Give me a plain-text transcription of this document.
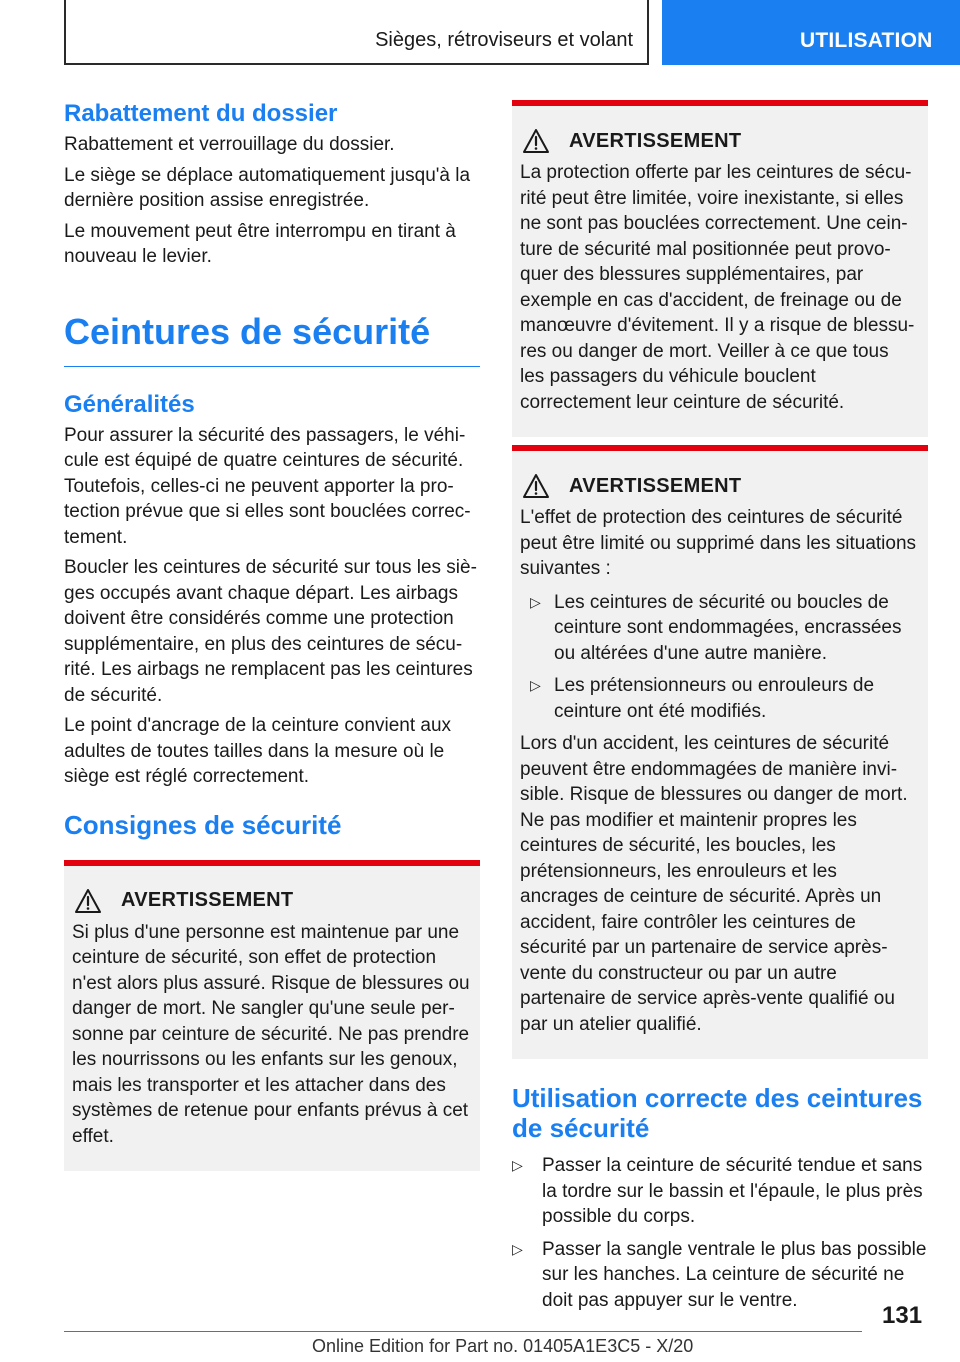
Sièges, rétroviseurs et volant	UTILISATION
Rabattement du dossier

Rabattement et verrouillage du dossier.

Le siège se déplace automatiquement jusqu'à la dernière position assise enregistrée.

Le mouvement peut être interrompu en tirant à nouveau le levier.

Ceintures de sécurité
Généralités

Pour assurer la sécurité des passagers, le véhicule est équipé de quatre ceintures de sécurité. Toutefois, celles-ci ne peuvent apporter la protection prévue que si elles sont bouclées correctement.

Boucler les ceintures de sécurité sur tous les sièges occupés avant chaque départ. Les airbags doivent être considérés comme une protection supplémentaire, en plus des ceintures de sécurité. Les airbags ne remplacent pas les ceintures de sécurité.

Le point d'ancrage de la ceinture convient aux adultes de toutes tailles dans la mesure où le siège est réglé correctement.

Consignes de sécurité
AVERTISSEMENT

Si plus d'une personne est maintenue par une ceinture de sécurité, son effet de protection n'est alors plus assuré. Risque de blessures ou danger de mort. Ne sangler qu'une seule personne par ceinture de sécurité. Ne pas prendre les nourrissons ou les enfants sur les genoux, mais les transporter et les attacher dans des systèmes de retenue pour enfants prévus à cet effet.

AVERTISSEMENT

La protection offerte par les ceintures de sécurité peut être limitée, voire inexistante, si elles ne sont pas bouclées correctement. Une ceinture de sécurité mal positionnée peut provoquer des blessures supplémentaires, par exemple en cas d'accident, de freinage ou de manœuvre d'évitement. Il y a risque de blessures ou danger de mort. Veiller à ce que tous les passagers du véhicule bouclent correctement leur ceinture de sécurité.

AVERTISSEMENT

L'effet de protection des ceintures de sécurité peut être limité ou supprimé dans les situations suivantes :

▷ Les ceintures de sécurité ou boucles de ceinture sont endommagées, encrassées ou altérées d'une autre manière.
▷ Les prétensionneurs ou enrouleurs de ceinture ont été modifiés.

Lors d'un accident, les ceintures de sécurité peuvent être endommagées de manière invisible. Risque de blessures ou danger de mort. Ne pas modifier et maintenir propres les ceintures de sécurité, les boucles, les prétensionneurs, les enrouleurs et les ancrages de ceinture de sécurité. Après un accident, faire contrôler les ceintures de sécurité par un partenaire de service après-vente du constructeur ou par un autre partenaire de service après-vente qualifié ou par un atelier qualifié.

Utilisation correcte des ceintures de sécurité
▷	Passer la ceinture de sécurité tendue et sans la tordre sur le bassin et l'épaule, le plus près possible du corps.
▷	Passer la sangle ventrale le plus bas possible sur les hanches. La ceinture de sécurité ne doit pas appuyer sur le ventre.
131
Online Edition for Part no. 01405A1E3C5 - X/20
